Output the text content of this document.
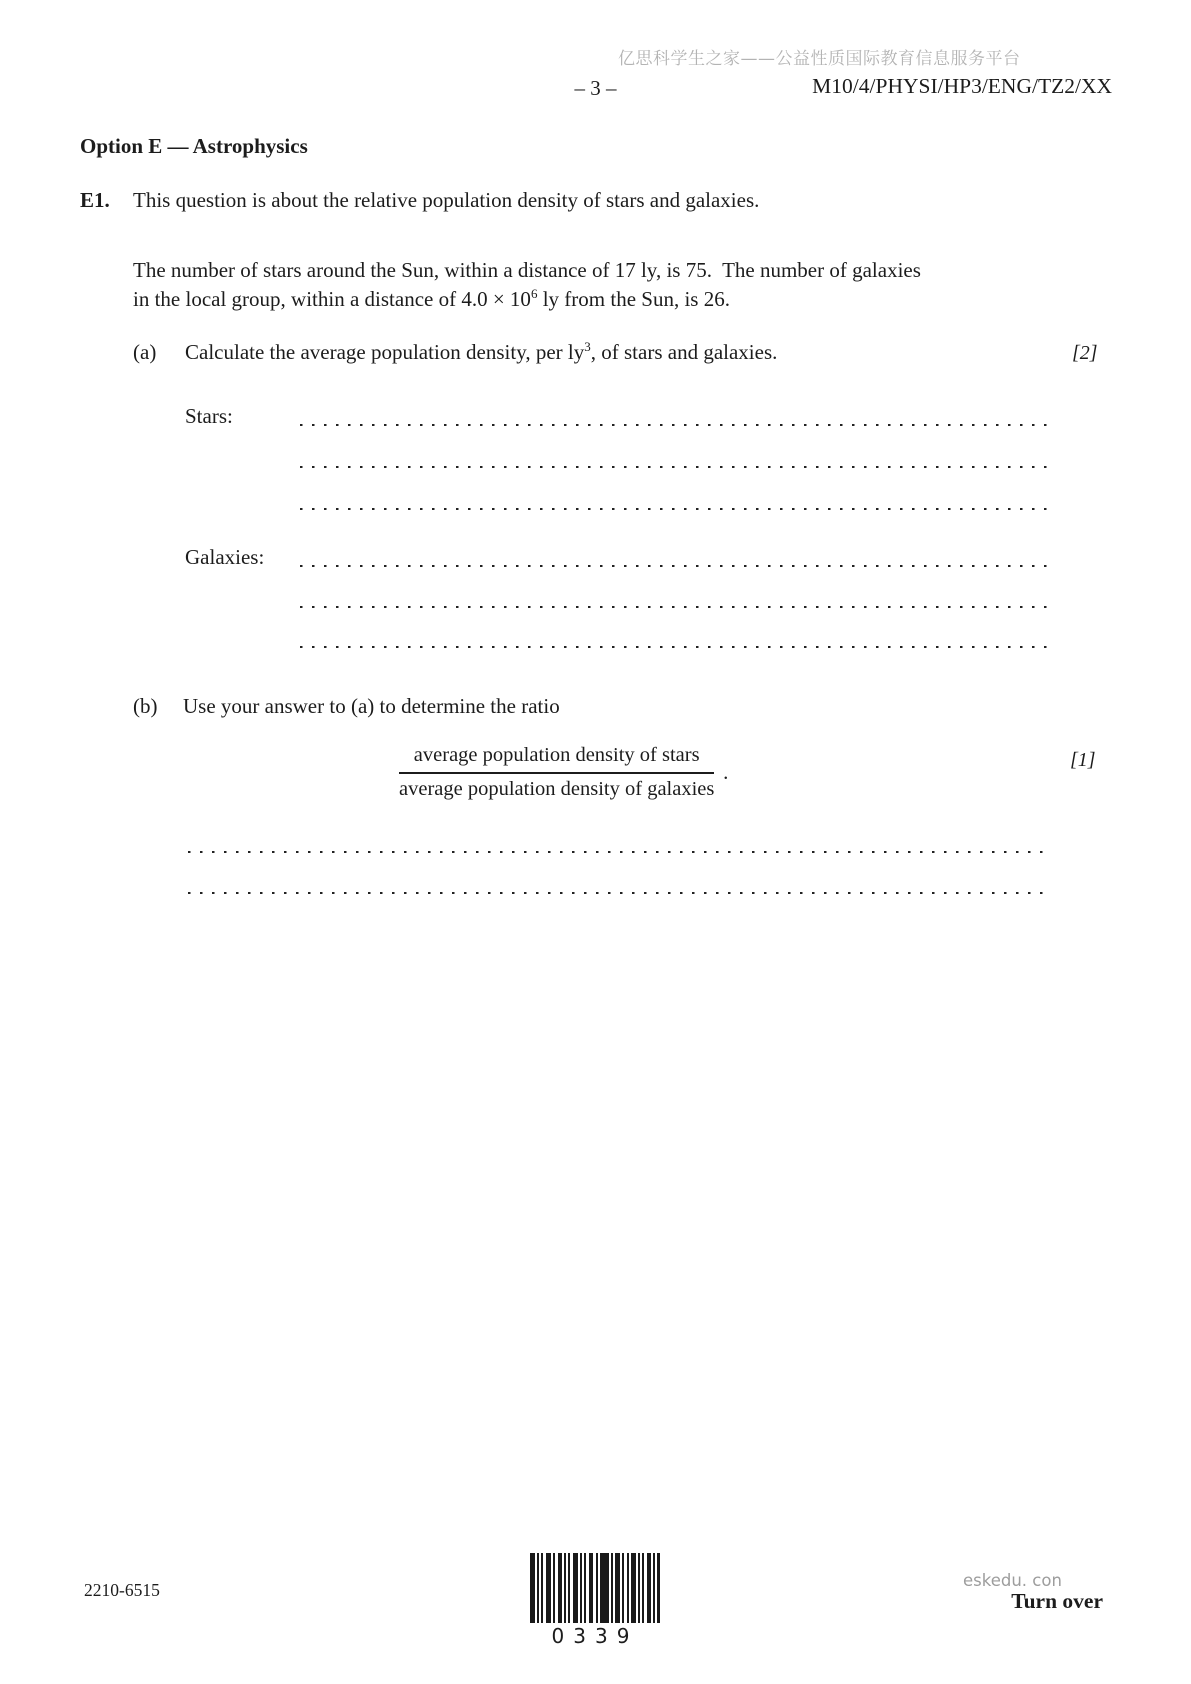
亿思科学生之家——公益性质国际教育信息服务平台
– 3 –	M10/4/PHYSI/HP3/ENG/TZ2/XX
Option E — Astrophysics
E1. This question is about the relative population density of stars and galaxies.
The number of stars around the Sun, within a distance of 17 ly, is 75.  The number of galaxies
in the local group, within a distance of $4.0 \times 10^6$ ly from the Sun, is 26.
(a) Calculate the average population density, per $ly^3$, of stars and galaxies.	[2]
Stars:
Galaxies:
(b) Use your answer to (a) to determine the ratio
[1]
$\frac{\text{average population density of stars}}{\text{average population density of galaxies}}$ .
2210-6515
0339
eskedu. con
Turn over
